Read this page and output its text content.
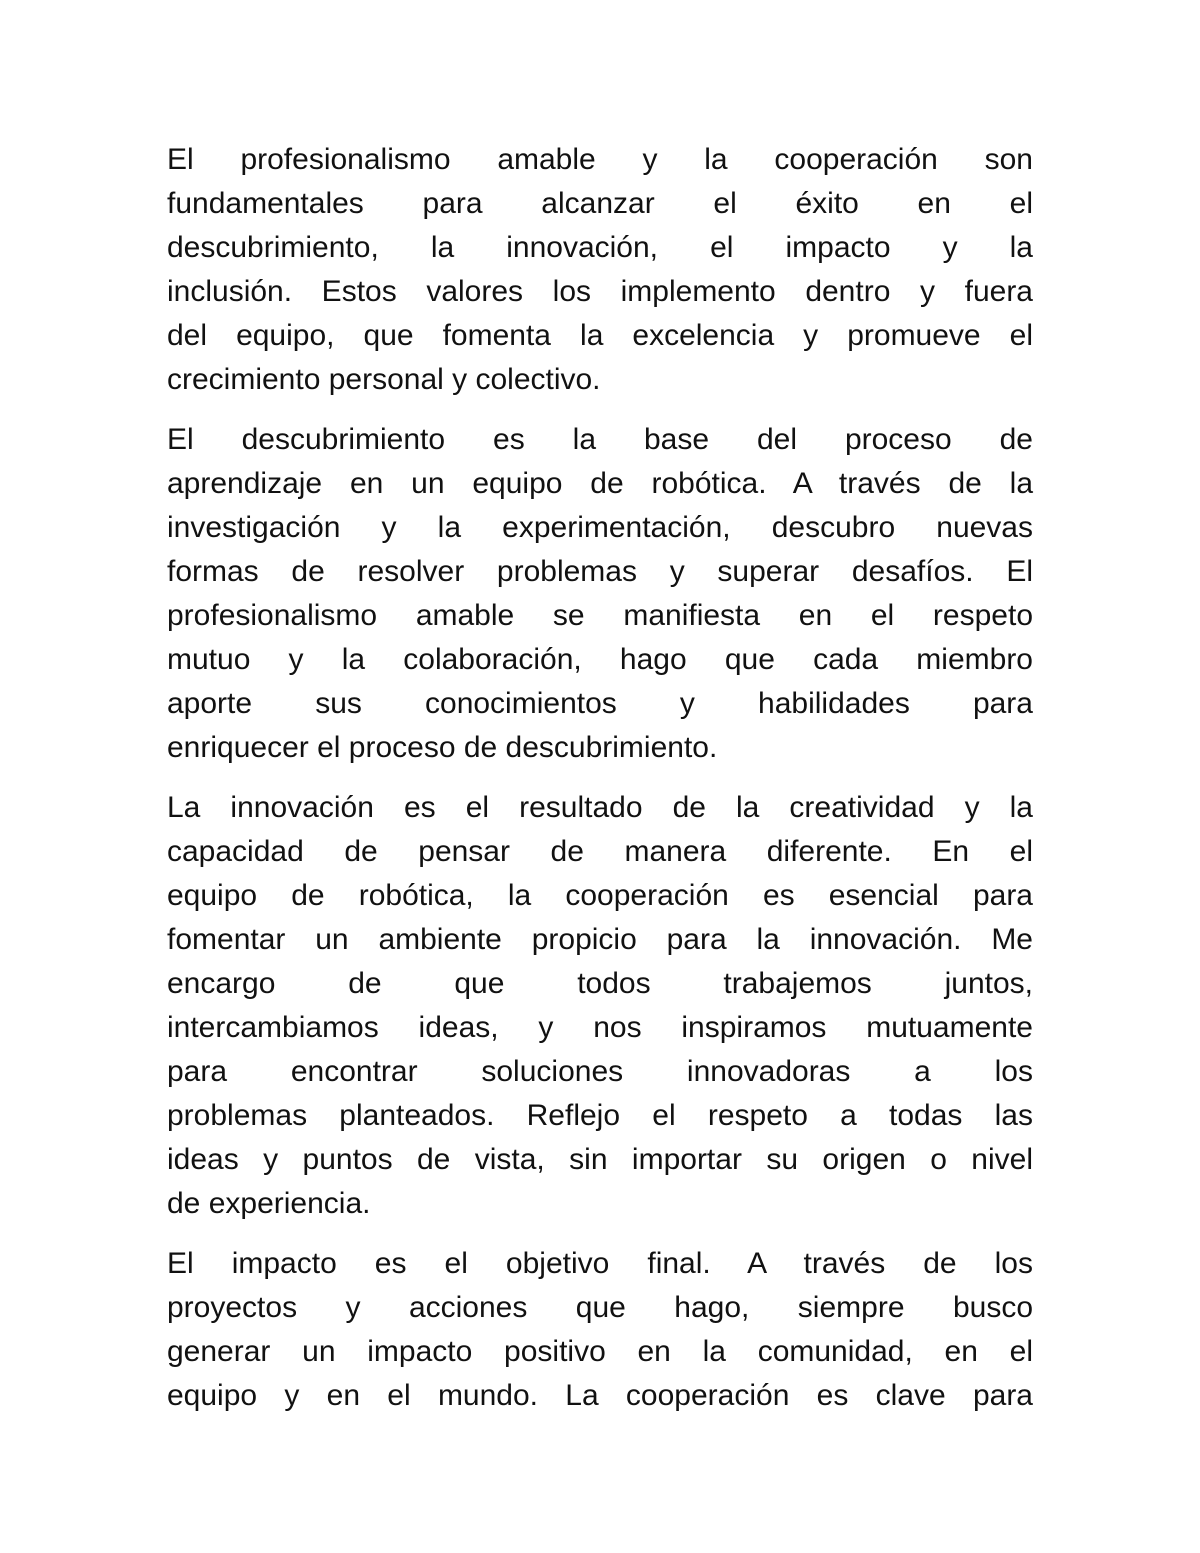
El profesionalismo amable y la cooperación son
fundamentales para alcanzar el éxito en el
descubrimiento, la innovación, el impacto y la
inclusión. Estos valores los implemento dentro y fuera
del equipo, que fomenta la excelencia y promueve el
crecimiento personal y colectivo.
El descubrimiento es la base del proceso de
aprendizaje en un equipo de robótica. A través de la
investigación y la experimentación, descubro nuevas
formas de resolver problemas y superar desafíos. El
profesionalismo amable se manifiesta en el respeto
mutuo y la colaboración, hago que cada miembro
aporte sus conocimientos y habilidades para
enriquecer el proceso de descubrimiento.
La innovación es el resultado de la creatividad y la
capacidad de pensar de manera diferente. En el
equipo de robótica, la cooperación es esencial para
fomentar un ambiente propicio para la innovación. Me
encargo de que todos trabajemos juntos,
intercambiamos ideas, y nos inspiramos mutuamente
para encontrar soluciones innovadoras a los
problemas planteados. Reflejo el respeto a todas las
ideas y puntos de vista, sin importar su origen o nivel
de experiencia.
El impacto es el objetivo final. A través de los
proyectos y acciones que hago, siempre busco
generar un impacto positivo en la comunidad, en el
equipo y en el mundo. La cooperación es clave para
